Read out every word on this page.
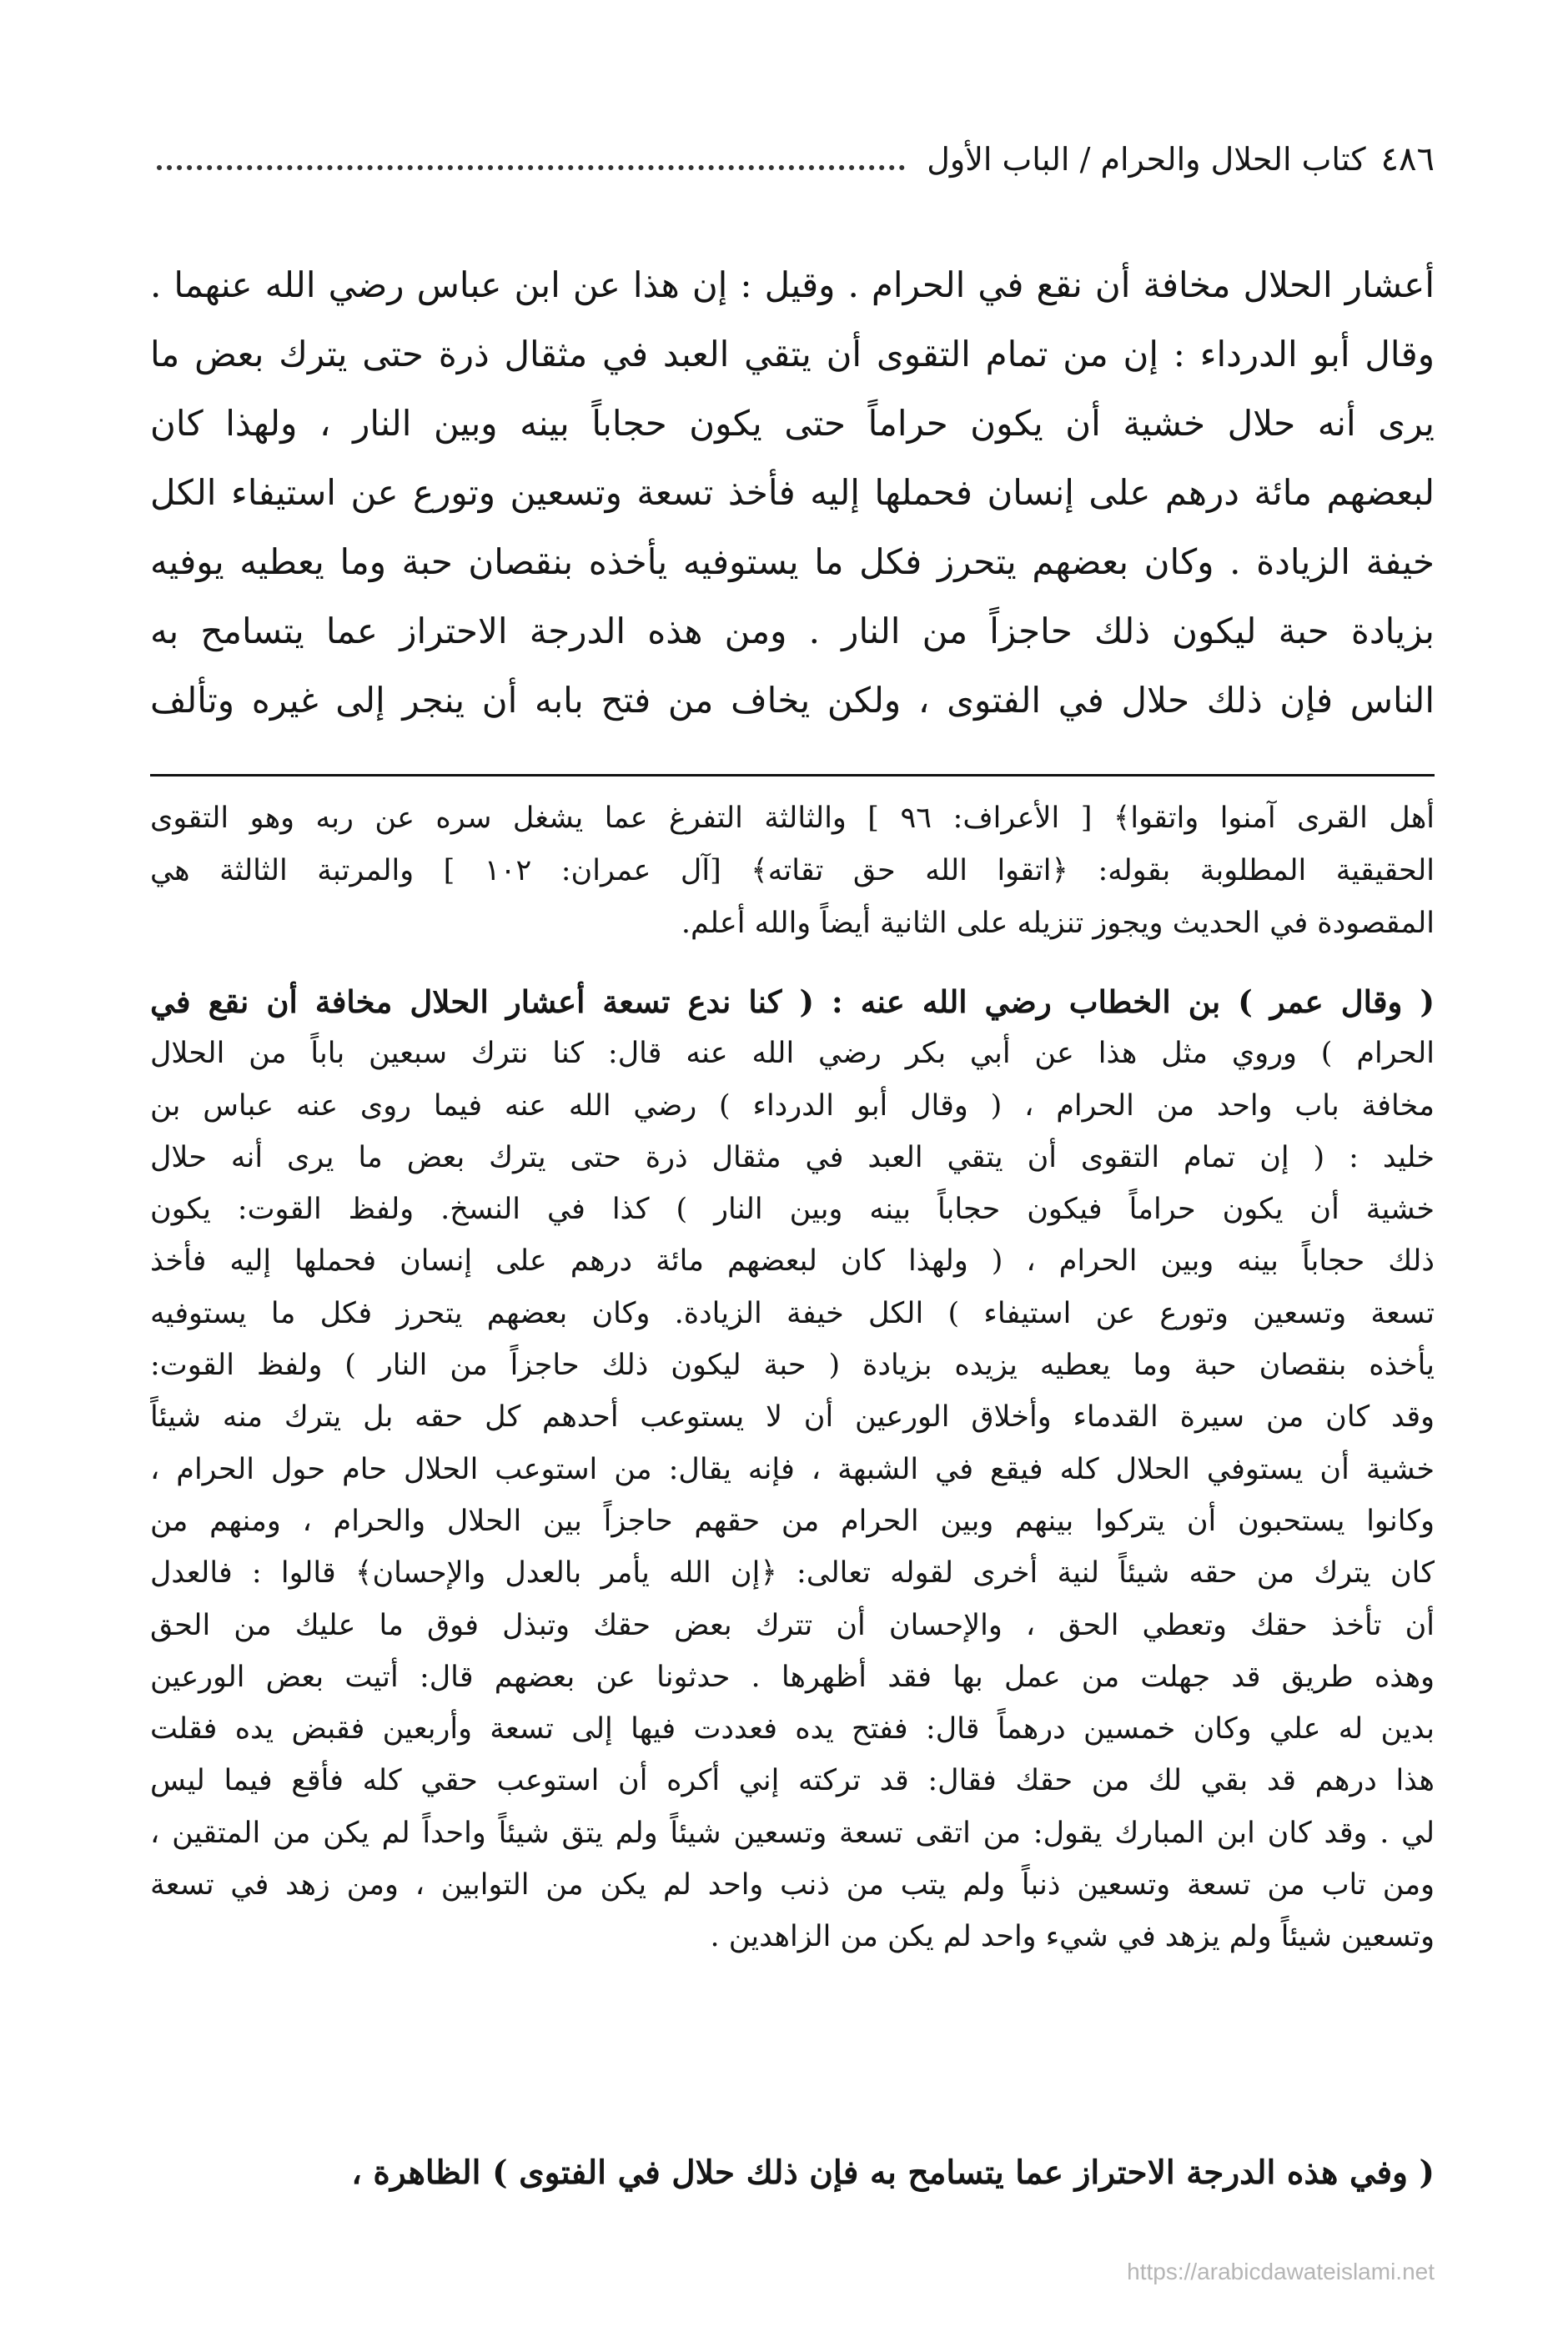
٤٨٦
كتاب الحلال والحرام / الباب الأول
أعشار الحلال مخافة أن نقع في الحرام . وقيل : إن هذا عن ابن عباس رضي الله عنهما .
وقال أبو الدرداء : إن من تمام التقوى أن يتقي العبد في مثقال ذرة حتى يترك بعض ما
يرى أنه حلال خشية أن يكون حراماً حتى يكون حجاباً بينه وبين النار ، ولهذا كان
لبعضهم مائة درهم على إنسان فحملها إليه فأخذ تسعة وتسعين وتورع عن استيفاء الكل
خيفة الزيادة . وكان بعضهم يتحرز فكل ما يستوفيه يأخذه بنقصان حبة وما يعطيه يوفيه
بزيادة حبة ليكون ذلك حاجزاً من النار . ومن هذه الدرجة الاحتراز عما يتسامح به
الناس فإن ذلك حلال في الفتوى ، ولكن يخاف من فتح بابه أن ينجر إلى غيره وتألف
أهل القرى آمنوا واتقوا﴾ [ الأعراف: ٩٦ ] والثالثة التفرغ عما يشغل سره عن ربه وهو التقوى
الحقيقية المطلوبة بقوله: ﴿اتقوا الله حق تقاته﴾ [آل عمران: ١٠٢ ] والمرتبة الثالثة هي
المقصودة في الحديث ويجوز تنزيله على الثانية أيضاً والله أعلم.
( وقال عمر ) بن الخطاب رضي الله عنه : ( كنا ندع تسعة أعشار الحلال مخافة أن نقع في
الحرام ) وروي مثل هذا عن أبي بكر رضي الله عنه قال: كنا نترك سبعين باباً من الحلال
مخافة باب واحد من الحرام ، ( وقال أبو الدرداء ) رضي الله عنه فيما روى عنه عباس بن
خليد : ( إن تمام التقوى أن يتقي العبد في مثقال ذرة حتى يترك بعض ما يرى أنه حلال
خشية أن يكون حراماً فيكون حجاباً بينه وبين النار ) كذا في النسخ. ولفظ القوت: يكون
ذلك حجاباً بينه وبين الحرام ، ( ولهذا كان لبعضهم مائة درهم على إنسان فحملها إليه فأخذ
تسعة وتسعين وتورع عن استيفاء ) الكل خيفة الزيادة. وكان بعضهم يتحرز فكل ما يستوفيه
يأخذه بنقصان حبة وما يعطيه يزيده بزيادة ( حبة ليكون ذلك حاجزاً من النار ) ولفظ القوت:
وقد كان من سيرة القدماء وأخلاق الورعين أن لا يستوعب أحدهم كل حقه بل يترك منه شيئاً
خشية أن يستوفي الحلال كله فيقع في الشبهة ، فإنه يقال: من استوعب الحلال حام حول الحرام ،
وكانوا يستحبون أن يتركوا بينهم وبين الحرام من حقهم حاجزاً بين الحلال والحرام ، ومنهم من
كان يترك من حقه شيئاً لنية أخرى لقوله تعالى: ﴿إن الله يأمر بالعدل والإحسان﴾ قالوا : فالعدل
أن تأخذ حقك وتعطي الحق ، والإحسان أن تترك بعض حقك وتبذل فوق ما عليك من الحق
وهذه طريق قد جهلت من عمل بها فقد أظهرها . حدثونا عن بعضهم قال: أتيت بعض الورعين
بدين له علي وكان خمسين درهماً قال: ففتح يده فعددت فيها إلى تسعة وأربعين فقبض يده فقلت
هذا درهم قد بقي لك من حقك فقال: قد تركته إني أكره أن استوعب حقي كله فأقع فيما ليس
لي . وقد كان ابن المبارك يقول: من اتقى تسعة وتسعين شيئاً ولم يتق شيئاً واحداً لم يكن من المتقين ،
ومن تاب من تسعة وتسعين ذنباً ولم يتب من ذنب واحد لم يكن من التوابين ، ومن زهد في تسعة
وتسعين شيئاً ولم يزهد في شيء واحد لم يكن من الزاهدين .
( وفي هذه الدرجة الاحتراز عما يتسامح به فإن ذلك حلال في الفتوى ) الظاهرة ،
https://arabicdawateislami.net
